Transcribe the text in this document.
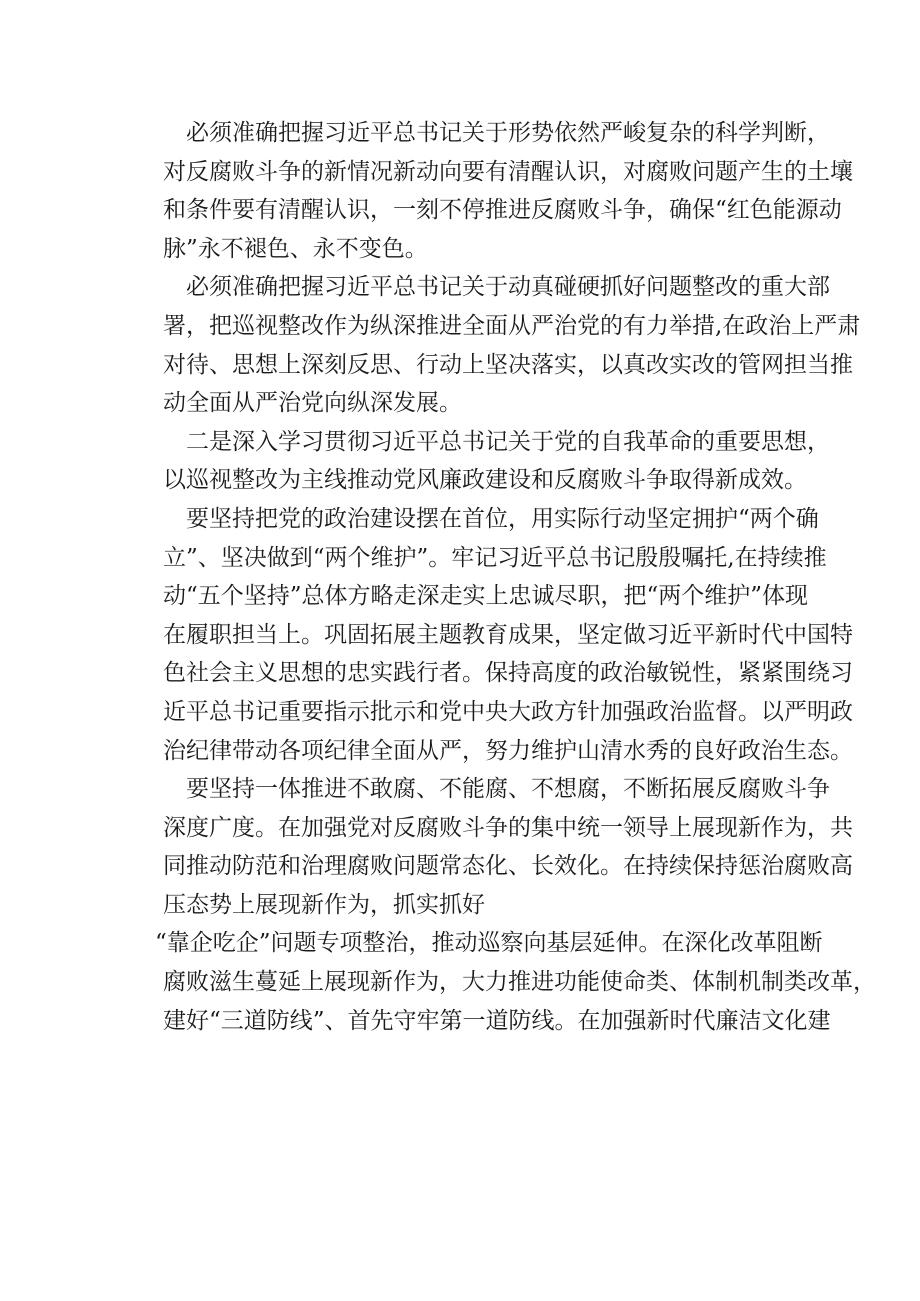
必须准确把握习近平总书记关于形势依然严峻复杂的科学判断，
对反腐败斗争的新情况新动向要有清醒认识，对腐败问题产生的土壤
和条件要有清醒认识，一刻不停推进反腐败斗争，确保“红色能源动
脉”永不褪色、永不变色。
必须准确把握习近平总书记关于动真碰硬抓好问题整改的重大部
署，把巡视整改作为纵深推进全面从严治党的有力举措,在政治上严肃
对待、思想上深刻反思、行动上坚决落实，以真改实改的管网担当推
动全面从严治党向纵深发展。
二是深入学习贯彻习近平总书记关于党的自我革命的重要思想，
以巡视整改为主线推动党风廉政建设和反腐败斗争取得新成效。
要坚持把党的政治建设摆在首位，用实际行动坚定拥护“两个确
立”、坚决做到“两个维护”。牢记习近平总书记殷殷嘱托,在持续推
动“五个坚持”总体方略走深走实上忠诚尽职，把“两个维护”体现
在履职担当上。巩固拓展主题教育成果，坚定做习近平新时代中国特
色社会主义思想的忠实践行者。保持高度的政治敏锐性，紧紧围绕习
近平总书记重要指示批示和党中央大政方针加强政治监督。以严明政
治纪律带动各项纪律全面从严，努力维护山清水秀的良好政治生态。
要坚持一体推进不敢腐、不能腐、不想腐，不断拓展反腐败斗争
深度广度。在加强党对反腐败斗争的集中统一领导上展现新作为，共
同推动防范和治理腐败问题常态化、长效化。在持续保持惩治腐败高
压态势上展现新作为，抓实抓好
“靠企吃企”问题专项整治，推动巡察向基层延伸。在深化改革阻断
腐败滋生蔓延上展现新作为，大力推进功能使命类、体制机制类改革，
建好“三道防线”、首先守牢第一道防线。在加强新时代廉洁文化建
